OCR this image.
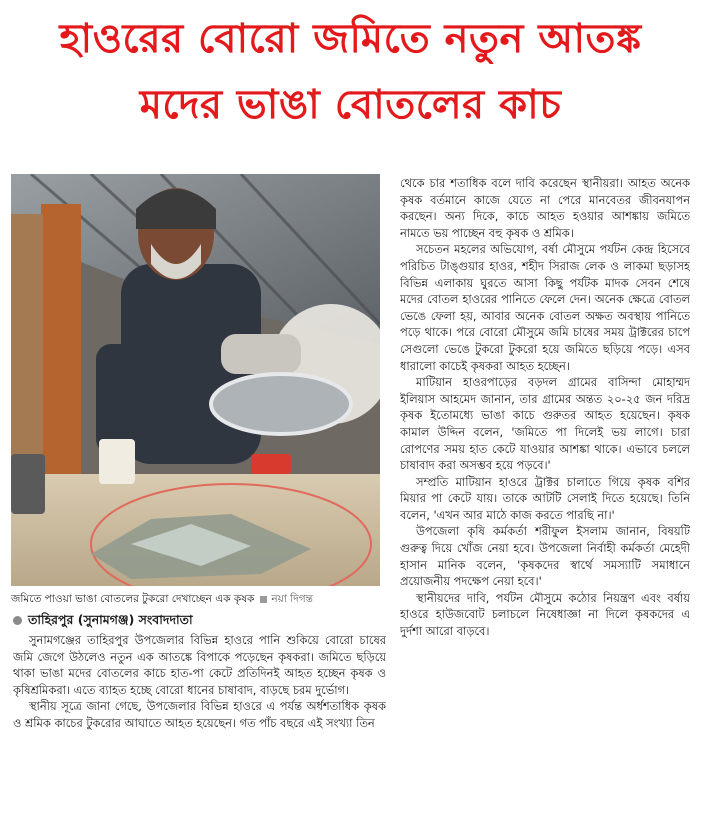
হাওরের বোরো জমিতে নতুন আতঙ্ক
মদের ভাঙা বোতলের কাচ
জমিতে পাওয়া ভাঙা বোতলের টুকরো দেখাচ্ছেন এক কৃষক নয়া দিগন্ত
তাহিরপুর (সুনামগঞ্জ) সংবাদদাতা

সুনামগঞ্জের তাহিরপুর উপজেলার বিভিন্ন হাওরে পানি শুকিয়ে বোরো চাষের জমি জেগে উঠলেও নতুন এক আতঙ্কে বিপাকে পড়েছেন কৃষকরা। জমিতে ছড়িয়ে থাকা ভাঙা মদের বোতলের কাচে হাত-পা কেটে প্রতিদিনই আহত হচ্ছেন কৃষক ও কৃষিশ্রমিকরা। এতে ব্যাহত হচ্ছে বোরো ধানের চাষাবাদ, বাড়ছে চরম দুর্ভোগ।

স্থানীয় সূত্রে জানা গেছে, উপজেলার বিভিন্ন হাওরে এ পর্যন্ত অর্ধশতাধিক কৃষক ও শ্রমিক কাচের টুকরোর আঘাতে আহত হয়েছেন। গত পাঁচ বছরে এই সংখ্যা তিন

থেকে চার শতাধিক বলে দাবি করেছেন স্থানীয়রা। আহত অনেক কৃষক বর্তমানে কাজে যেতে না পেরে মানবেতর জীবনযাপন করছেন। অন্য দিকে, কাচে আহত হওয়ার আশঙ্কায় জমিতে নামতে ভয় পাচ্ছেন বহু কৃষক ও শ্রমিক।

সচেতন মহলের অভিযোগ, বর্ষা মৌসুমে পর্যটন কেন্দ্র হিসেবে পরিচিত টাঙ্গুয়ার হাওর, শহীদ সিরাজ লেক ও লাকমা ছড়াসহ বিভিন্ন এলাকায় ঘুরতে আসা কিছু পর্যটক মাদক সেবন শেষে মদের বোতল হাওরের পানিতে ফেলে দেন। অনেক ক্ষেত্রে বোতল ভেঙে ফেলা হয়, আবার অনেক বোতল অক্ষত অবস্থায় পানিতে পড়ে থাকে। পরে বোরো মৌসুমে জমি চাষের সময় ট্রাক্টরের চাপে সেগুলো ভেঙে টুকরো টুকরো হয়ে জমিতে ছড়িয়ে পড়ে। এসব ধারালো কাচেই কৃষকরা আহত হচ্ছেন।

মাটিয়ান হাওরপাড়ের বড়দল গ্রামের বাসিন্দা মোহাম্মদ ইলিয়াস আহমেদ জানান, তার গ্রামের অন্তত ২০-২৫ জন দরিদ্র কৃষক ইতোমধ্যে ভাঙা কাচে গুরুতর আহত হয়েছেন। কৃষক কামাল উদ্দিন বলেন, 'জমিতে পা দিলেই ভয় লাগে। চারা রোপণের সময় হাত কেটে যাওয়ার আশঙ্কা থাকে। এভাবে চললে চাষাবাদ করা অসম্ভব হয়ে পড়বে।'

সম্প্রতি মাটিয়ান হাওরে ট্রাক্টর চালাতে গিয়ে কৃষক বশির মিয়ার পা কেটে যায়। তাকে আটটি সেলাই দিতে হয়েছে। তিনি বলেন, 'এখন আর মাঠে কাজ করতে পারছি না।'

উপজেলা কৃষি কর্মকর্তা শরীফুল ইসলাম জানান, বিষয়টি গুরুত্ব দিয়ে খোঁজ নেয়া হবে। উপজেলা নির্বাহী কর্মকর্তা মেহেদী হাসান মানিক বলেন, 'কৃষকদের স্বার্থে সমস্যাটি সমাধানে প্রয়োজনীয় পদক্ষেপ নেয়া হবে।'

স্থানীয়দের দাবি, পর্যটন মৌসুমে কঠোর নিয়ন্ত্রণ এবং বর্ষায় হাওরে হাউজবোট চলাচলে নিষেধাজ্ঞা না দিলে কৃষকদের এ দুর্দশা আরো বাড়বে।
